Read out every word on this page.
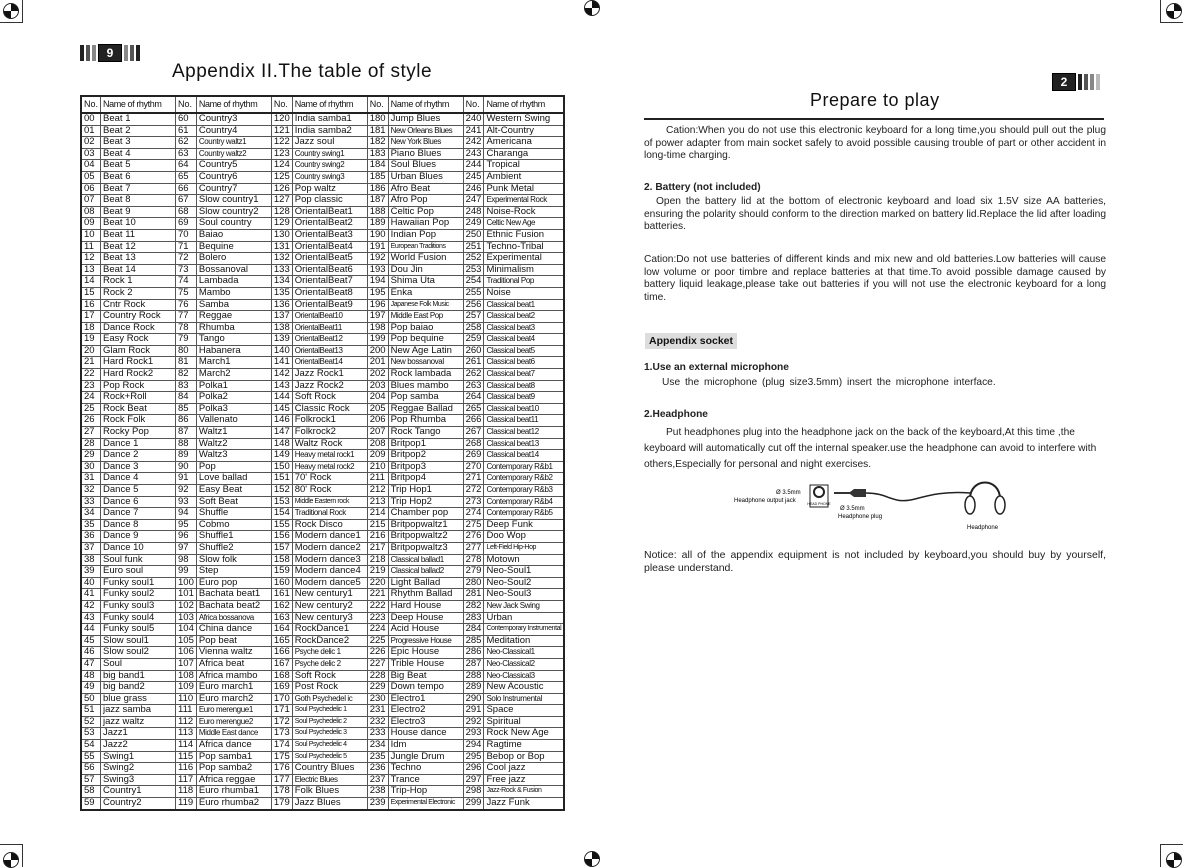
9
Appendix II.The table of style
No.	Name of rhythm	No.	Name of rhythm	No.	Name of rhythm	No.	Name of rhythm	No.	Name of rhythm
00	Beat 1	60	Country3	120	India samba1	180	Jump Blues	240	Western Swing
01	Beat 2	61	Country4	121	India samba2	181	New Orleans Blues	241	Alt-Country
02	Beat 3	62	Country waltz1	122	Jazz soul	182	New York Blues	242	Americana
03	Beat 4	63	Country waltz2	123	Country swing1	183	Piano Blues	243	Charanga
04	Beat 5	64	Country5	124	Country swing2	184	Soul Blues	244	Tropical
05	Beat 6	65	Country6	125	Country swing3	185	Urban Blues	245	Ambient
06	Beat 7	66	Country7	126	Pop waltz	186	Afro Beat	246	Punk Metal
07	Beat 8	67	Slow country1	127	Pop classic	187	Afro Pop	247	Experimental Rock
08	Beat 9	68	Slow country2	128	OrientalBeat1	188	Celtic Pop	248	Noise-Rock
09	Beat 10	69	Soul country	129	OrientalBeat2	189	Hawaiian Pop	249	Celtic New Age
10	Beat 11	70	Baiao	130	OrientalBeat3	190	Indian Pop	250	Ethnic Fusion
11	Beat 12	71	Bequine	131	OrientalBeat4	191	European Traditions	251	Techno-Tribal
12	Beat 13	72	Bolero	132	OrientalBeat5	192	World Fusion	252	Experimental
13	Beat 14	73	Bossanoval	133	OrientalBeat6	193	Dou Jin	253	Minimalism
14	Rock 1	74	Lambada	134	OrientalBeat7	194	Shima Uta	254	Traditional Pop
15	Rock 2	75	Mambo	135	OrientalBeat8	195	Enka	255	Noise
16	Cntr Rock	76	Samba	136	OrientalBeat9	196	Japanese Folk Music	256	Classical beat1
17	Country Rock	77	Reggae	137	OrientalBeat10	197	Middle East Pop	257	Classical beat2
18	Dance Rock	78	Rhumba	138	OrientalBeat11	198	Pop baiao	258	Classical beat3
19	Easy Rock	79	Tango	139	OrientalBeat12	199	Pop bequine	259	Classical beat4
20	Glam Rock	80	Habanera	140	OrientalBeat13	200	New Age Latin	260	Classical beat5
21	Hard Rock1	81	March1	141	OrientalBeat14	201	New bossanoval	261	Classical beat6
22	Hard Rock2	82	March2	142	Jazz Rock1	202	Rock lambada	262	Classical beat7
23	Pop Rock	83	Polka1	143	Jazz Rock2	203	Blues mambo	263	Classical beat8
24	Rock+Roll	84	Polka2	144	Soft Rock	204	Pop samba	264	Classical beat9
25	Rock Beat	85	Polka3	145	Classic Rock	205	Reggae Ballad	265	Classical beat10
26	Rock Folk	86	Vallenato	146	Folkrock1	206	Pop Rhumba	266	Classical beat11
27	Rocky Pop	87	Waltz1	147	Folkrock2	207	Rock Tango	267	Classical beat12
28	Dance 1	88	Waltz2	148	Waltz Rock	208	Britpop1	268	Classical beat13
29	Dance 2	89	Waltz3	149	Heavy metal rock1	209	Britpop2	269	Classical beat14
30	Dance 3	90	Pop	150	Heavy metal rock2	210	Britpop3	270	Contemporary R&b1
31	Dance 4	91	Love ballad	151	70' Rock	211	Britpop4	271	Contemporary R&b2
32	Dance 5	92	Easy Beat	152	80' Rock	212	Trip Hop1	272	Contemporary R&b3
33	Dance 6	93	Soft Beat	153	Middle Eastern rock	213	Trip Hop2	273	Contemporary R&b4
34	Dance 7	94	Shuffle	154	Traditional Rock	214	Chamber pop	274	Contemporary R&b5
35	Dance 8	95	Cobmo	155	Rock Disco	215	Britpopwaltz1	275	Deep Funk
36	Dance 9	96	Shuffle1	156	Modern dance1	216	Britpopwaltz2	276	Doo Wop
37	Dance 10	97	Shuffle2	157	Modern dance2	217	Britpopwaltz3	277	Left-Field Hip-Hop
38	Soul funk	98	Slow folk	158	Modern dance3	218	Classical ballad1	278	Motown
39	Euro soul	99	Step	159	Modern dance4	219	Classical ballad2	279	Neo-Soul1
40	Funky soul1	100	Euro pop	160	Modern dance5	220	Light Ballad	280	Neo-Soul2
41	Funky soul2	101	Bachata beat1	161	New century1	221	Rhythm Ballad	281	Neo-Soul3
42	Funky soul3	102	Bachata beat2	162	New century2	222	Hard House	282	New Jack Swing
43	Funky soul4	103	Africa bossanova	163	New century3	223	Deep House	283	Urban
44	Funky soul5	104	China dance	164	RockDance1	224	Acid House	284	Contemporary Instrumental
45	Slow soul1	105	Pop beat	165	RockDance2	225	Progressive House	285	Meditation
46	Slow soul2	106	Vienna waltz	166	Psyche delic 1	226	Epic House	286	Neo-Classical1
47	Soul	107	Africa beat	167	Psyche delic 2	227	Trible House	287	Neo-Classical2
48	big band1	108	Africa mambo	168	Soft Rock	228	Big Beat	288	Neo-Classical3
49	big band2	109	Euro march1	169	Post Rock	229	Down tempo	289	New Acoustic
50	blue grass	110	Euro march2	170	Goth Psychedel ic	230	Electro1	290	Solo Instrumental
51	jazz samba	111	Euro merengue1	171	Soul Psychedelic 1	231	Electro2	291	Space
52	jazz waltz	112	Euro merengue2	172	Soul Psychedelic 2	232	Electro3	292	Spiritual
53	Jazz1	113	Middle East dance	173	Soul Psychedelic 3	233	House dance	293	Rock New Age
54	Jazz2	114	Africa dance	174	Soul Psychedelic 4	234	Idm	294	Ragtime
55	Swing1	115	Pop samba1	175	Soul Psychedelic 5	235	Jungle Drum	295	Bebop or Bop
56	Swing2	116	Pop samba2	176	Country Blues	236	Techno	296	Cool jazz
57	Swing3	117	Africa reggae	177	Electric Blues	237	Trance	297	Free jazz
58	Country1	118	Euro rhumba1	178	Folk Blues	238	Trip-Hop	298	Jazz-Rock & Fusion
59	Country2	119	Euro rhumba2	179	Jazz Blues	239	Experimental Electronic	299	Jazz Funk
2
Prepare to play
Cation:When you do not use this electronic keyboard for a long time,you should pull out the plug of power adapter from main socket safely to avoid possible causing trouble of part or other accident in long-time charging.
2. Battery (not included)
Open the battery lid at the bottom of electronic keyboard and load six 1.5V size AA batteries, ensuring the polarity should conform to the direction marked on battery lid.Replace the lid after loading batteries.
Cation:Do not use batteries of different kinds and mix new and old batteries.Low batteries will cause low volume or poor timbre and replace batteries at that time.To avoid possible damage caused by battery liquid leakage,please take out batteries if you will not use the electronic keyboard for a long time.
Appendix socket
1.Use an external microphone
Use the microphone (plug size3.5mm) insert the microphone interface.
2.Headphone
Put headphones plug into the headphone jack on the back of the keyboard,At this time ,the keyboard will automatically cut off the internal speaker.use the headphone can avoid to interfere with others,Especially for personal and night exercises.
Ø 3.5mm
Headphone output jack	HEAD PHONE
Ø 3.5mm
Headphone plug
Headphone
Notice: all of the appendix equipment is not included by keyboard,you should buy by yourself, please understand.
